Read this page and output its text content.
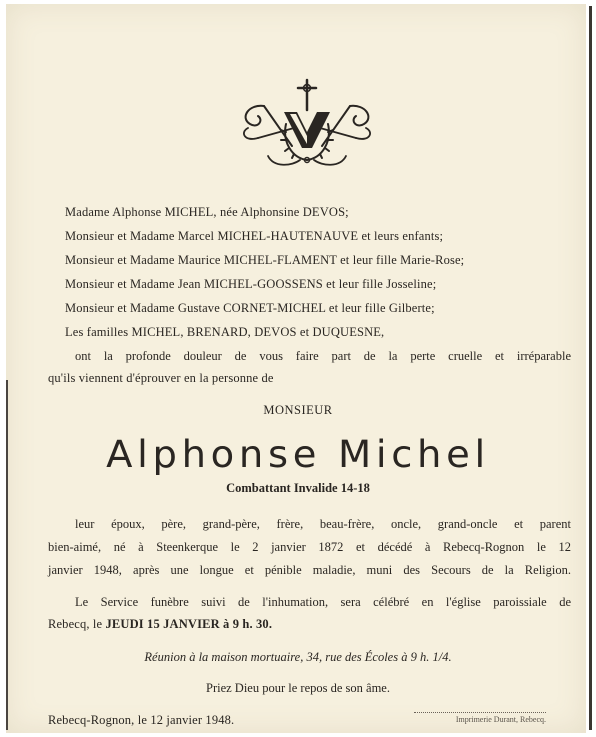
Madame Alphonse MICHEL, née Alphonsine DEVOS;
Monsieur et Madame Marcel MICHEL-HAUTENAUVE et leurs enfants;
Monsieur et Madame Maurice MICHEL-FLAMENT et leur fille Marie-Rose;
Monsieur et Madame Jean MICHEL-GOOSSENS et leur fille Josseline;
Monsieur et Madame Gustave CORNET-MICHEL et leur fille Gilberte;
Les familles MICHEL, BRENARD, DEVOS et DUQUESNE,
ont la profonde douleur de vous faire part de la perte cruelle et irréparable
qu'ils viennent d'éprouver en la personne de
MONSIEUR
Alphonse Michel
Combattant Invalide 14-18
leur époux, père, grand-père, frère, beau-frère, oncle, grand-oncle et parent
bien-aimé, né à Steenkerque le 2 janvier 1872 et décédé à Rebecq-Rognon le 12
janvier 1948, après une longue et pénible maladie, muni des Secours de la Religion.
Le Service funèbre suivi de l'inhumation, sera célébré en l'église paroissiale de
Rebecq, le JEUDI 15 JANVIER à 9 h. 30.
Réunion à la maison mortuaire, 34, rue des Écoles à 9 h. 1/4.
Priez Dieu pour le repos de son âme.
Rebecq-Rognon, le 12 janvier 1948.	Imprimerie Durant, Rebecq.
